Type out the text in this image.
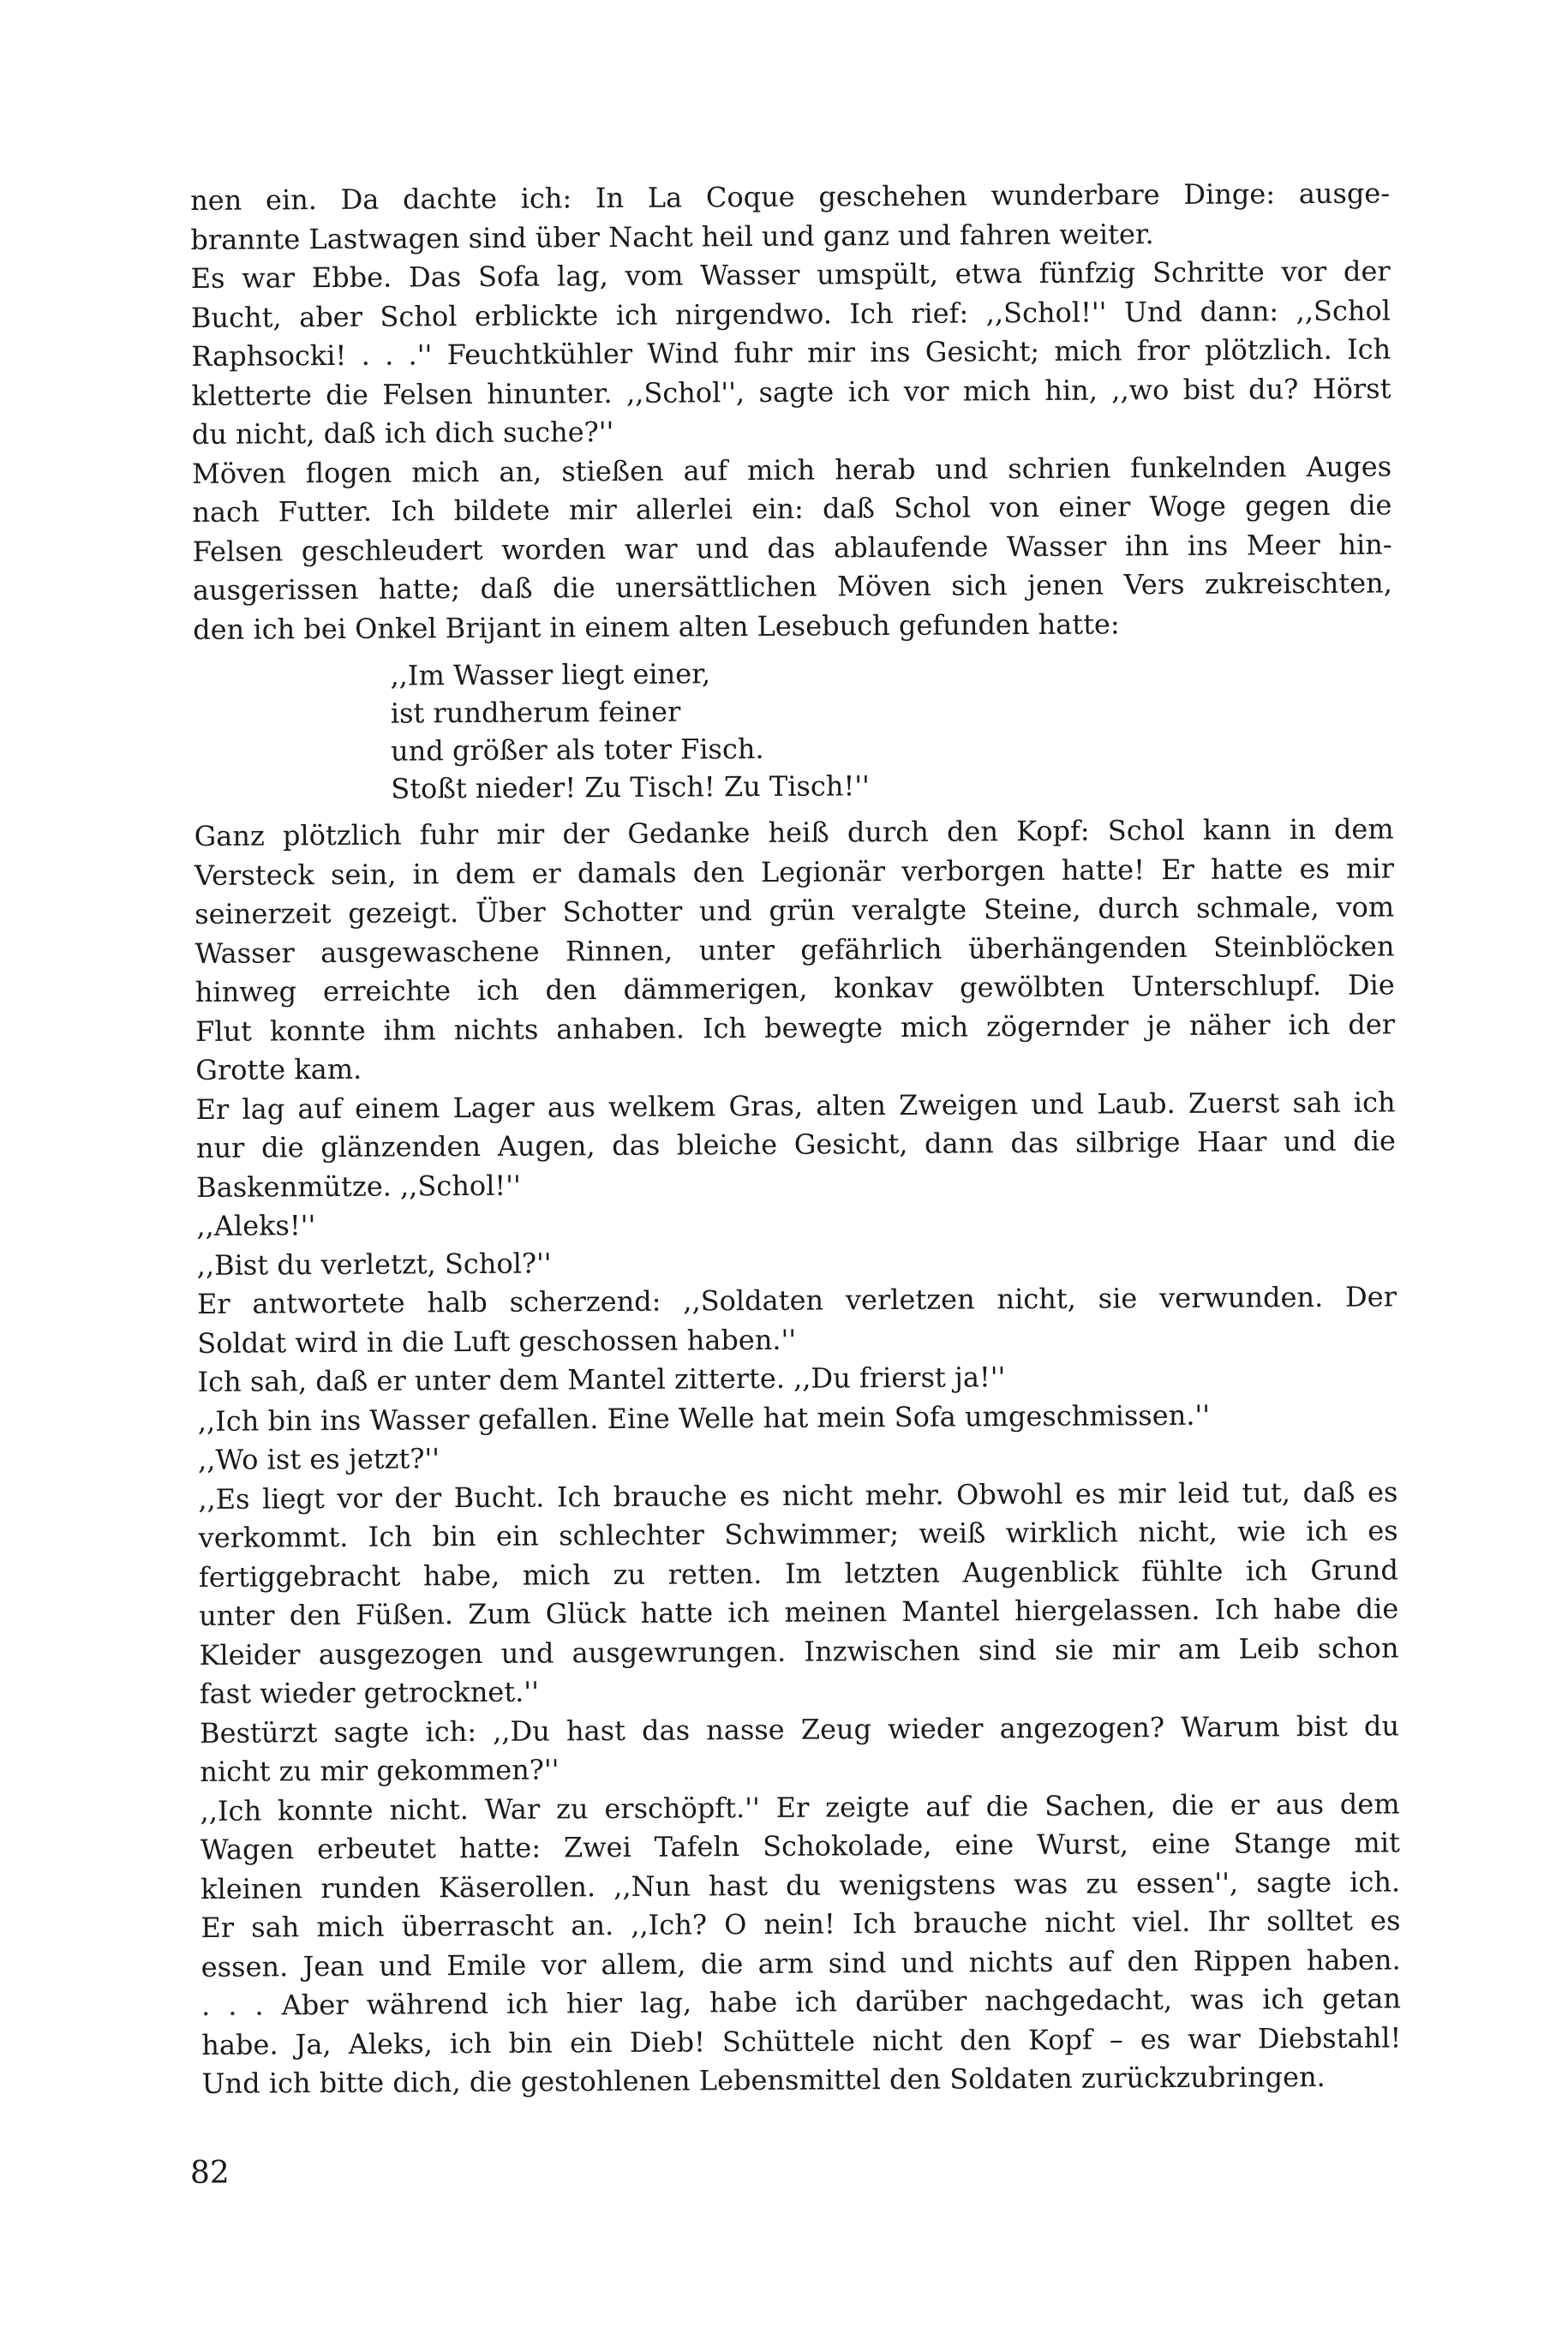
nen ein. Da dachte ich: In La Coque geschehen wunderbare Dinge: ausge-
brannte Lastwagen sind über Nacht heil und ganz und fahren weiter.
Es war Ebbe. Das Sofa lag, vom Wasser umspült, etwa fünfzig Schritte vor der
Bucht, aber Schol erblickte ich nirgendwo. Ich rief: ,,Schol!'' Und dann: ,,Schol
Raphsocki! . . .'' Feuchtkühler Wind fuhr mir ins Gesicht; mich fror plötzlich. Ich
kletterte die Felsen hinunter. ,,Schol'', sagte ich vor mich hin, ,,wo bist du? Hörst
du nicht, daß ich dich suche?''
Möven flogen mich an, stießen auf mich herab und schrien funkelnden Auges
nach Futter. Ich bildete mir allerlei ein: daß Schol von einer Woge gegen die
Felsen geschleudert worden war und das ablaufende Wasser ihn ins Meer hin-
ausgerissen hatte; daß die unersättlichen Möven sich jenen Vers zukreischten,
den ich bei Onkel Brijant in einem alten Lesebuch gefunden hatte:
,,Im Wasser liegt einer,
ist rundherum feiner
und größer als toter Fisch.
Stoßt nieder! Zu Tisch! Zu Tisch!''
Ganz plötzlich fuhr mir der Gedanke heiß durch den Kopf: Schol kann in dem
Versteck sein, in dem er damals den Legionär verborgen hatte! Er hatte es mir
seinerzeit gezeigt. Über Schotter und grün veralgte Steine, durch schmale, vom
Wasser ausgewaschene Rinnen, unter gefährlich überhängenden Steinblöcken
hinweg erreichte ich den dämmerigen, konkav gewölbten Unterschlupf. Die
Flut konnte ihm nichts anhaben. Ich bewegte mich zögernder je näher ich der
Grotte kam.
Er lag auf einem Lager aus welkem Gras, alten Zweigen und Laub. Zuerst sah ich
nur die glänzenden Augen, das bleiche Gesicht, dann das silbrige Haar und die
Baskenmütze. ,,Schol!''
,,Aleks!''
,,Bist du verletzt, Schol?''
Er antwortete halb scherzend: ,,Soldaten verletzen nicht, sie verwunden. Der
Soldat wird in die Luft geschossen haben.''
Ich sah, daß er unter dem Mantel zitterte. ,,Du frierst ja!''
,,Ich bin ins Wasser gefallen. Eine Welle hat mein Sofa umgeschmissen.''
,,Wo ist es jetzt?''
,,Es liegt vor der Bucht. Ich brauche es nicht mehr. Obwohl es mir leid tut, daß es
verkommt. Ich bin ein schlechter Schwimmer; weiß wirklich nicht, wie ich es
fertiggebracht habe, mich zu retten. Im letzten Augenblick fühlte ich Grund
unter den Füßen. Zum Glück hatte ich meinen Mantel hiergelassen. Ich habe die
Kleider ausgezogen und ausgewrungen. Inzwischen sind sie mir am Leib schon
fast wieder getrocknet.''
Bestürzt sagte ich: ,,Du hast das nasse Zeug wieder angezogen? Warum bist du
nicht zu mir gekommen?''
,,Ich konnte nicht. War zu erschöpft.'' Er zeigte auf die Sachen, die er aus dem
Wagen erbeutet hatte: Zwei Tafeln Schokolade, eine Wurst, eine Stange mit
kleinen runden Käserollen. ,,Nun hast du wenigstens was zu essen'', sagte ich.
Er sah mich überrascht an. ,,Ich? O nein! Ich brauche nicht viel. Ihr solltet es
essen. Jean und Emile vor allem, die arm sind und nichts auf den Rippen haben.
. . . Aber während ich hier lag, habe ich darüber nachgedacht, was ich getan
habe. Ja, Aleks, ich bin ein Dieb! Schüttele nicht den Kopf – es war Diebstahl!
Und ich bitte dich, die gestohlenen Lebensmittel den Soldaten zurückzubringen.
82
